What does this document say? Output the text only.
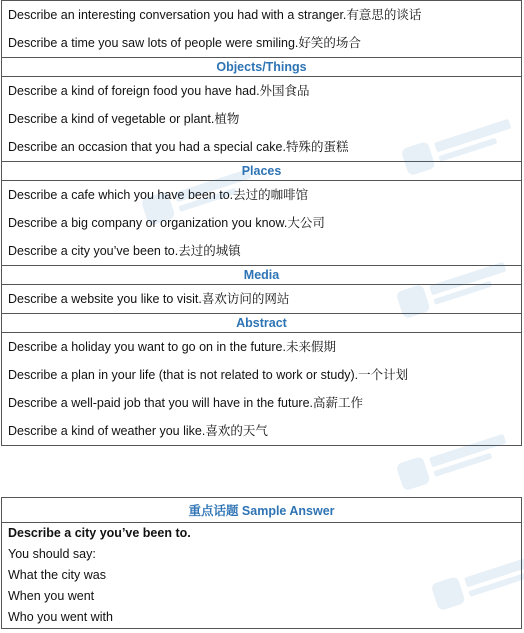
Describe an interesting conversation you had with a stranger.有意思的谈话
Describe a time you saw lots of people were smiling.好笑的场合

Objects/Things

Describe a kind of foreign food you have had.外国食品
Describe a kind of vegetable or plant.植物
Describe an occasion that you had a special cake.特殊的蛋糕

Places

Describe a cafe which you have been to.去过的咖啡馆
Describe a big company or organization you know.大公司
Describe a city you’ve been to.去过的城镇

Media

Describe a website you like to visit.喜欢访问的网站

Abstract

Describe a holiday you want to go on in the future.未来假期
Describe a plan in your life (that is not related to work or study).一个计划
Describe a well-paid job that you will have in the future.高薪工作
Describe a kind of weather you like.喜欢的天气
重点话题 Sample Answer

Describe a city you’ve been to.
You should say:
What the city was
When you went
Who you went with
